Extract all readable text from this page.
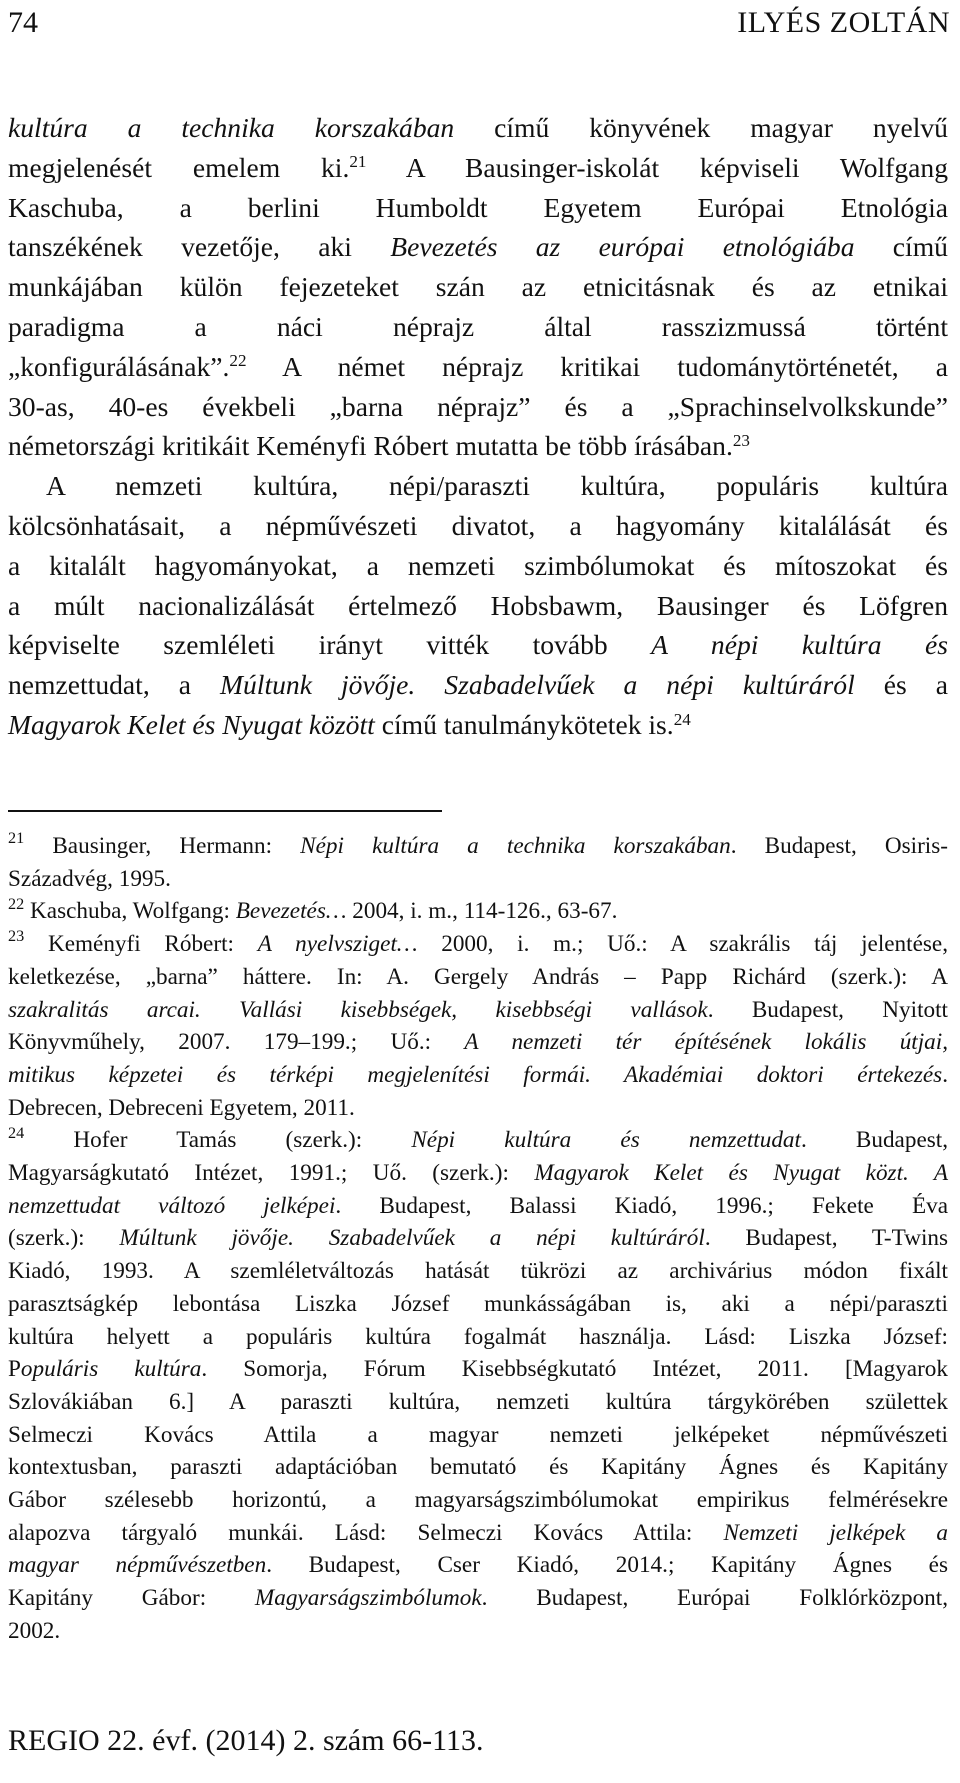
74	ILYÉS ZOLTÁN
kultúra a technika korszakában című könyvének magyar nyelvű
megjelenését emelem ki.$^{21}$ A Bausinger-iskolát képviseli Wolfgang
Kaschuba, a berlini Humboldt Egyetem Európai Etnológia
tanszékének vezetője, aki Bevezetés az európai etnológiába című
munkájában külön fejezeteket szán az etnicitásnak és az etnikai
paradigma a náci néprajz által rasszizmussá történt
„konfigurálásának”.$^{22}$ A német néprajz kritikai tudománytörténetét, a
30-as, 40-es évekbeli „barna néprajz” és a „Sprachinselvolkskunde”
németországi kritikáit Keményfi Róbert mutatta be több írásában.$^{23}$
A nemzeti kultúra, népi/paraszti kultúra, populáris kultúra
kölcsönhatásait, a népművészeti divatot, a hagyomány kitalálását és
a kitalált hagyományokat, a nemzeti szimbólumokat és mítoszokat és
a múlt nacionalizálását értelmező Hobsbawm, Bausinger és Löfgren
képviselte szemléleti irányt vitték tovább A népi kultúra és
nemzettudat, a Múltunk jövője. Szabadelvűek a népi kultúráról és a
Magyarok Kelet és Nyugat között című tanulmánykötetek is.$^{24}$
$^{21}$ Bausinger, Hermann: Népi kultúra a technika korszakában. Budapest, Osiris-
Századvég, 1995.
$^{22}$ Kaschuba, Wolfgang: Bevezetés… 2004, i. m., 114-126., 63-67.
$^{23}$ Keményfi Róbert: A nyelvsziget… 2000, i. m.; Uő.: A szakrális táj jelentése,
keletkezése, „barna” háttere. In: A. Gergely András – Papp Richárd (szerk.): A
szakralitás arcai. Vallási kisebbségek, kisebbségi vallások. Budapest, Nyitott
Könyvműhely, 2007. 179–199.; Uő.: A nemzeti tér építésének lokális útjai,
mitikus képzetei és térképi megjelenítési formái. Akadémiai doktori értekezés.
Debrecen, Debreceni Egyetem, 2011.
$^{24}$ Hofer Tamás (szerk.): Népi kultúra és nemzettudat. Budapest,
Magyarságkutató Intézet, 1991.; Uő. (szerk.): Magyarok Kelet és Nyugat közt. A
nemzettudat változó jelképei. Budapest, Balassi Kiadó, 1996.; Fekete Éva
(szerk.): Múltunk jövője. Szabadelvűek a népi kultúráról. Budapest, T-Twins
Kiadó, 1993. A szemléletváltozás hatását tükrözi az archivárius módon fixált
parasztságkép lebontása Liszka József munkásságában is, aki a népi/paraszti
kultúra helyett a populáris kultúra fogalmát használja. Lásd: Liszka József:
Populáris kultúra. Somorja, Fórum Kisebbségkutató Intézet, 2011. [Magyarok
Szlovákiában 6.] A paraszti kultúra, nemzeti kultúra tárgykörében születtek
Selmeczi Kovács Attila a magyar nemzeti jelképeket népművészeti
kontextusban, paraszti adaptációban bemutató és Kapitány Ágnes és Kapitány
Gábor szélesebb horizontú, a magyarságszimbólumokat empirikus felmérésekre
alapozva tárgyaló munkái. Lásd: Selmeczi Kovács Attila: Nemzeti jelképek a
magyar népművészetben. Budapest, Cser Kiadó, 2014.; Kapitány Ágnes és
Kapitány Gábor: Magyarságszimbólumok. Budapest, Európai Folklórközpont,
2002.
REGIO 22. évf. (2014) 2. szám 66-113.
